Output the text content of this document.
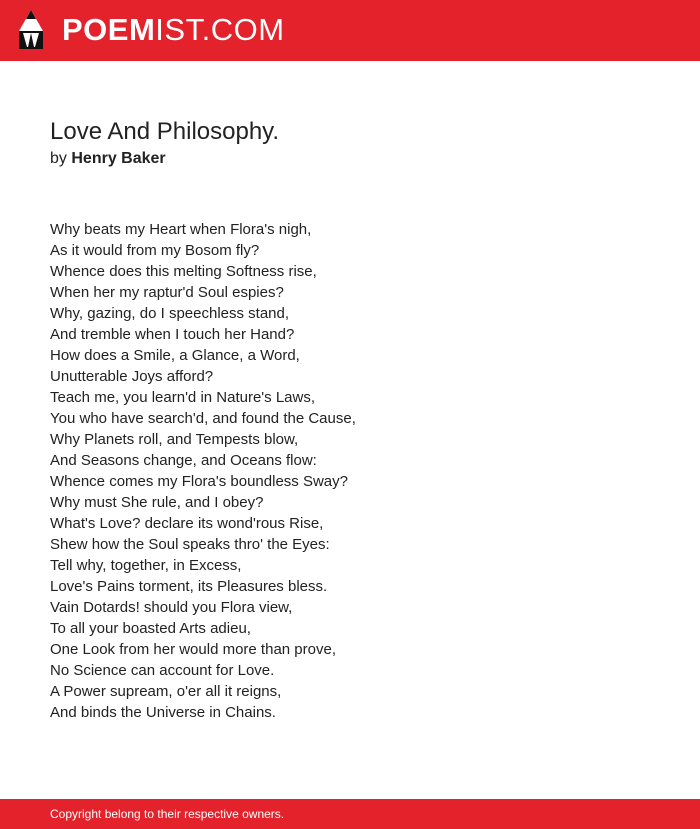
POEMIST.COM
Love And Philosophy.
by Henry Baker
Why beats my Heart when Flora's nigh,
As it would from my Bosom fly?
Whence does this melting Softness rise,
When her my raptur'd Soul espies?
Why, gazing, do I speechless stand,
And tremble when I touch her Hand?
How does a Smile, a Glance, a Word,
Unutterable Joys afford?
Teach me, you learn'd in Nature's Laws,
You who have search'd, and found the Cause,
Why Planets roll, and Tempests blow,
And Seasons change, and Oceans flow:
Whence comes my Flora's boundless Sway?
Why must She rule, and I obey?
What's Love? declare its wond'rous Rise,
Shew how the Soul speaks thro' the Eyes:
Tell why, together, in Excess,
Love's Pains torment, its Pleasures bless.
Vain Dotards! should you Flora view,
To all your boasted Arts adieu,
One Look from her would more than prove,
No Science can account for Love.
A Power supream, o'er all it reigns,
And binds the Universe in Chains.
Copyright belong to their respective owners.
